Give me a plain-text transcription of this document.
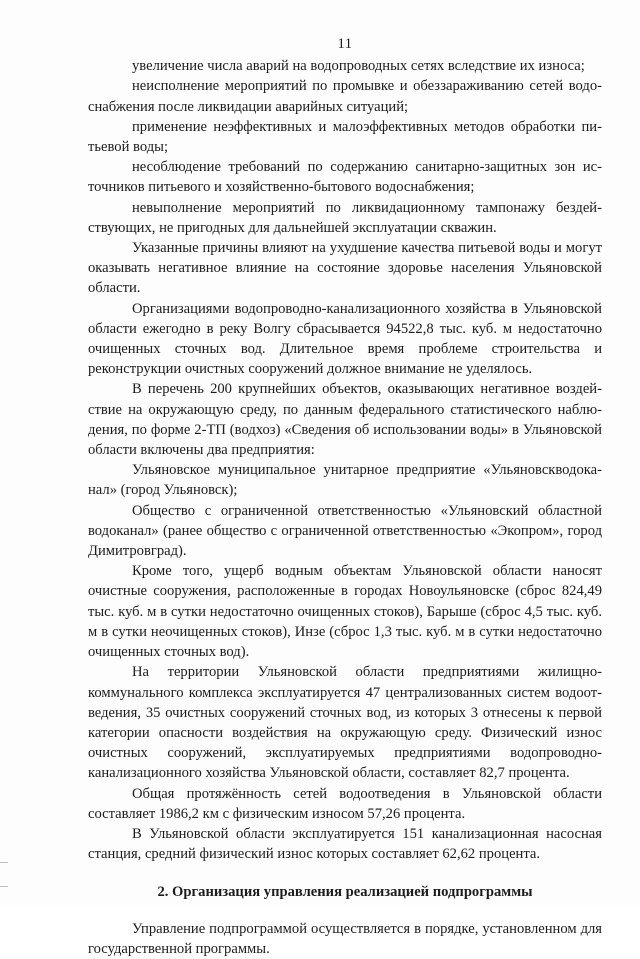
11

увеличение числа аварий на водопроводных сетях вследствие их износа;

неисполнение мероприятий по промывке и обеззараживанию сетей водоснабжения после ликвидации аварийных ситуаций;

применение неэффективных и малоэффективных методов обработки питьевой воды;

несоблюдение требований по содержанию санитарно-защитных зон источников питьевого и хозяйственно-бытового водоснабжения;

невыполнение мероприятий по ликвидационному тампонажу бездействующих, не пригодных для дальнейшей эксплуатации скважин.

Указанные причины влияют на ухудшение качества питьевой воды и могут оказывать негативное влияние на состояние здоровье населения Ульяновской области.

Организациями водопроводно-канализационного хозяйства в Ульяновской области ежегодно в реку Волгу сбрасывается 94522,8 тыс. куб. м недостаточно очищенных сточных вод. Длительное время проблеме строительства и реконструкции очистных сооружений должное внимание не уделялось.

В перечень 200 крупнейших объектов, оказывающих негативное воздействие на окружающую среду, по данным федерального статистического наблюдения, по форме 2-ТП (водхоз) «Сведения об использовании воды» в Ульяновской области включены два предприятия:

Ульяновское муниципальное унитарное предприятие «Ульяновскводоканал» (город Ульяновск);

Общество с ограниченной ответственностью «Ульяновский областной водоканал» (ранее общество с ограниченной ответственностью «Экопром», город Димитровград).

Кроме того, ущерб водным объектам Ульяновской области наносят очистные сооружения, расположенные в городах Новоульяновске (сброс 824,49 тыс. куб. м в сутки недостаточно очищенных стоков), Барыше (сброс 4,5 тыс. куб. м в сутки неочищенных стоков), Инзе (сброс 1,3 тыс. куб. м в сутки недостаточно очищенных сточных вод).

На территории Ульяновской области предприятиями жилищно-коммунального комплекса эксплуатируется 47 централизованных систем водоотведения, 35 очистных сооружений сточных вод, из которых 3 отнесены к первой категории опасности воздействия на окружающую среду. Физический износ очистных сооружений, эксплуатируемых предприятиями водопроводно-канализационного хозяйства Ульяновской области, составляет 82,7 процента.

Общая протяжённость сетей водоотведения в Ульяновской области составляет 1986,2 км с физическим износом 57,26 процента.

В Ульяновской области эксплуатируется 151 канализационная насосная станция, средний физический износ которых составляет 62,62 процента.

2. Организация управления реализацией подпрограммы

Управление подпрограммой осуществляется в порядке, установленном для государственной программы.
